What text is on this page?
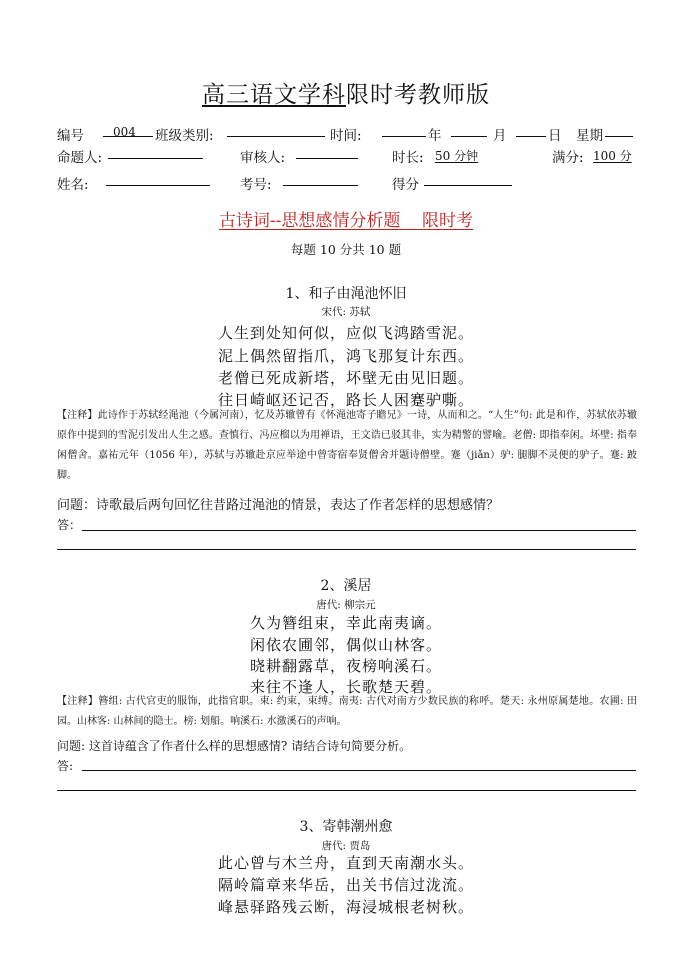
高三语文学科限时考教师版
编号 004 班级类别:	时间:	年	月	日 星期
命题人:	审核人:	时长: 50 分钟	满分: 100 分
姓名:	考号:	得分
古诗词--思想感情分析题    限时考
每题 10 分共 10 题
1、和子由渑池怀旧
宋代: 苏轼
人生到处知何似，应似飞鸿踏雪泥。
泥上偶然留指爪，鸿飞那复计东西。
老僧已死成新塔，坏壁无由见旧题。
往日崎岖还记否，路长人困蹇驴嘶。
【注释】此诗作于苏轼经渑池（今属河南），忆及苏辙曾有《怀渑池寄子瞻兄》一诗，从而和之。“人生”句: 此是和作，苏轼依苏辙原作中提到的雪泥引发出人生之感。查慎行、冯应榴以为用禅语，王文诰已驳其非，实为精警的譬喻。老僧: 即指奉闲。坏壁: 指奉闲僧舍。嘉祐元年（1056 年），苏轼与苏辙赴京应举途中曾寄宿奉贤僧舍并题诗僧壁。蹇（jiǎn）驴: 腿脚不灵便的驴子。蹇: 跛脚。
问题：诗歌最后两句回忆往昔路过渑池的情景，表达了作者怎样的思想感情？
答：
2、溪居
唐代: 柳宗元
久为簪组束，幸此南夷谪。
闲依农圃邻，偶似山林客。
晓耕翻露草，夜榜响溪石。
来往不逢人，长歌楚天碧。
【注释】簪组: 古代官吏的服饰，此指官职。束: 约束，束缚。南夷: 古代对南方少数民族的称呼。楚天: 永州原属楚地。农圃: 田园。山林客: 山林间的隐士。榜: 划船。响溪石: 水激溪石的声响。
问题: 这首诗蕴含了作者什么样的思想感情? 请结合诗句简要分析。
答:
3、寄韩潮州愈
唐代: 贾岛
此心曾与木兰舟，直到天南潮水头。
隔岭篇章来华岳，出关书信过泷流。
峰悬驿路残云断，海浸城根老树秋。
